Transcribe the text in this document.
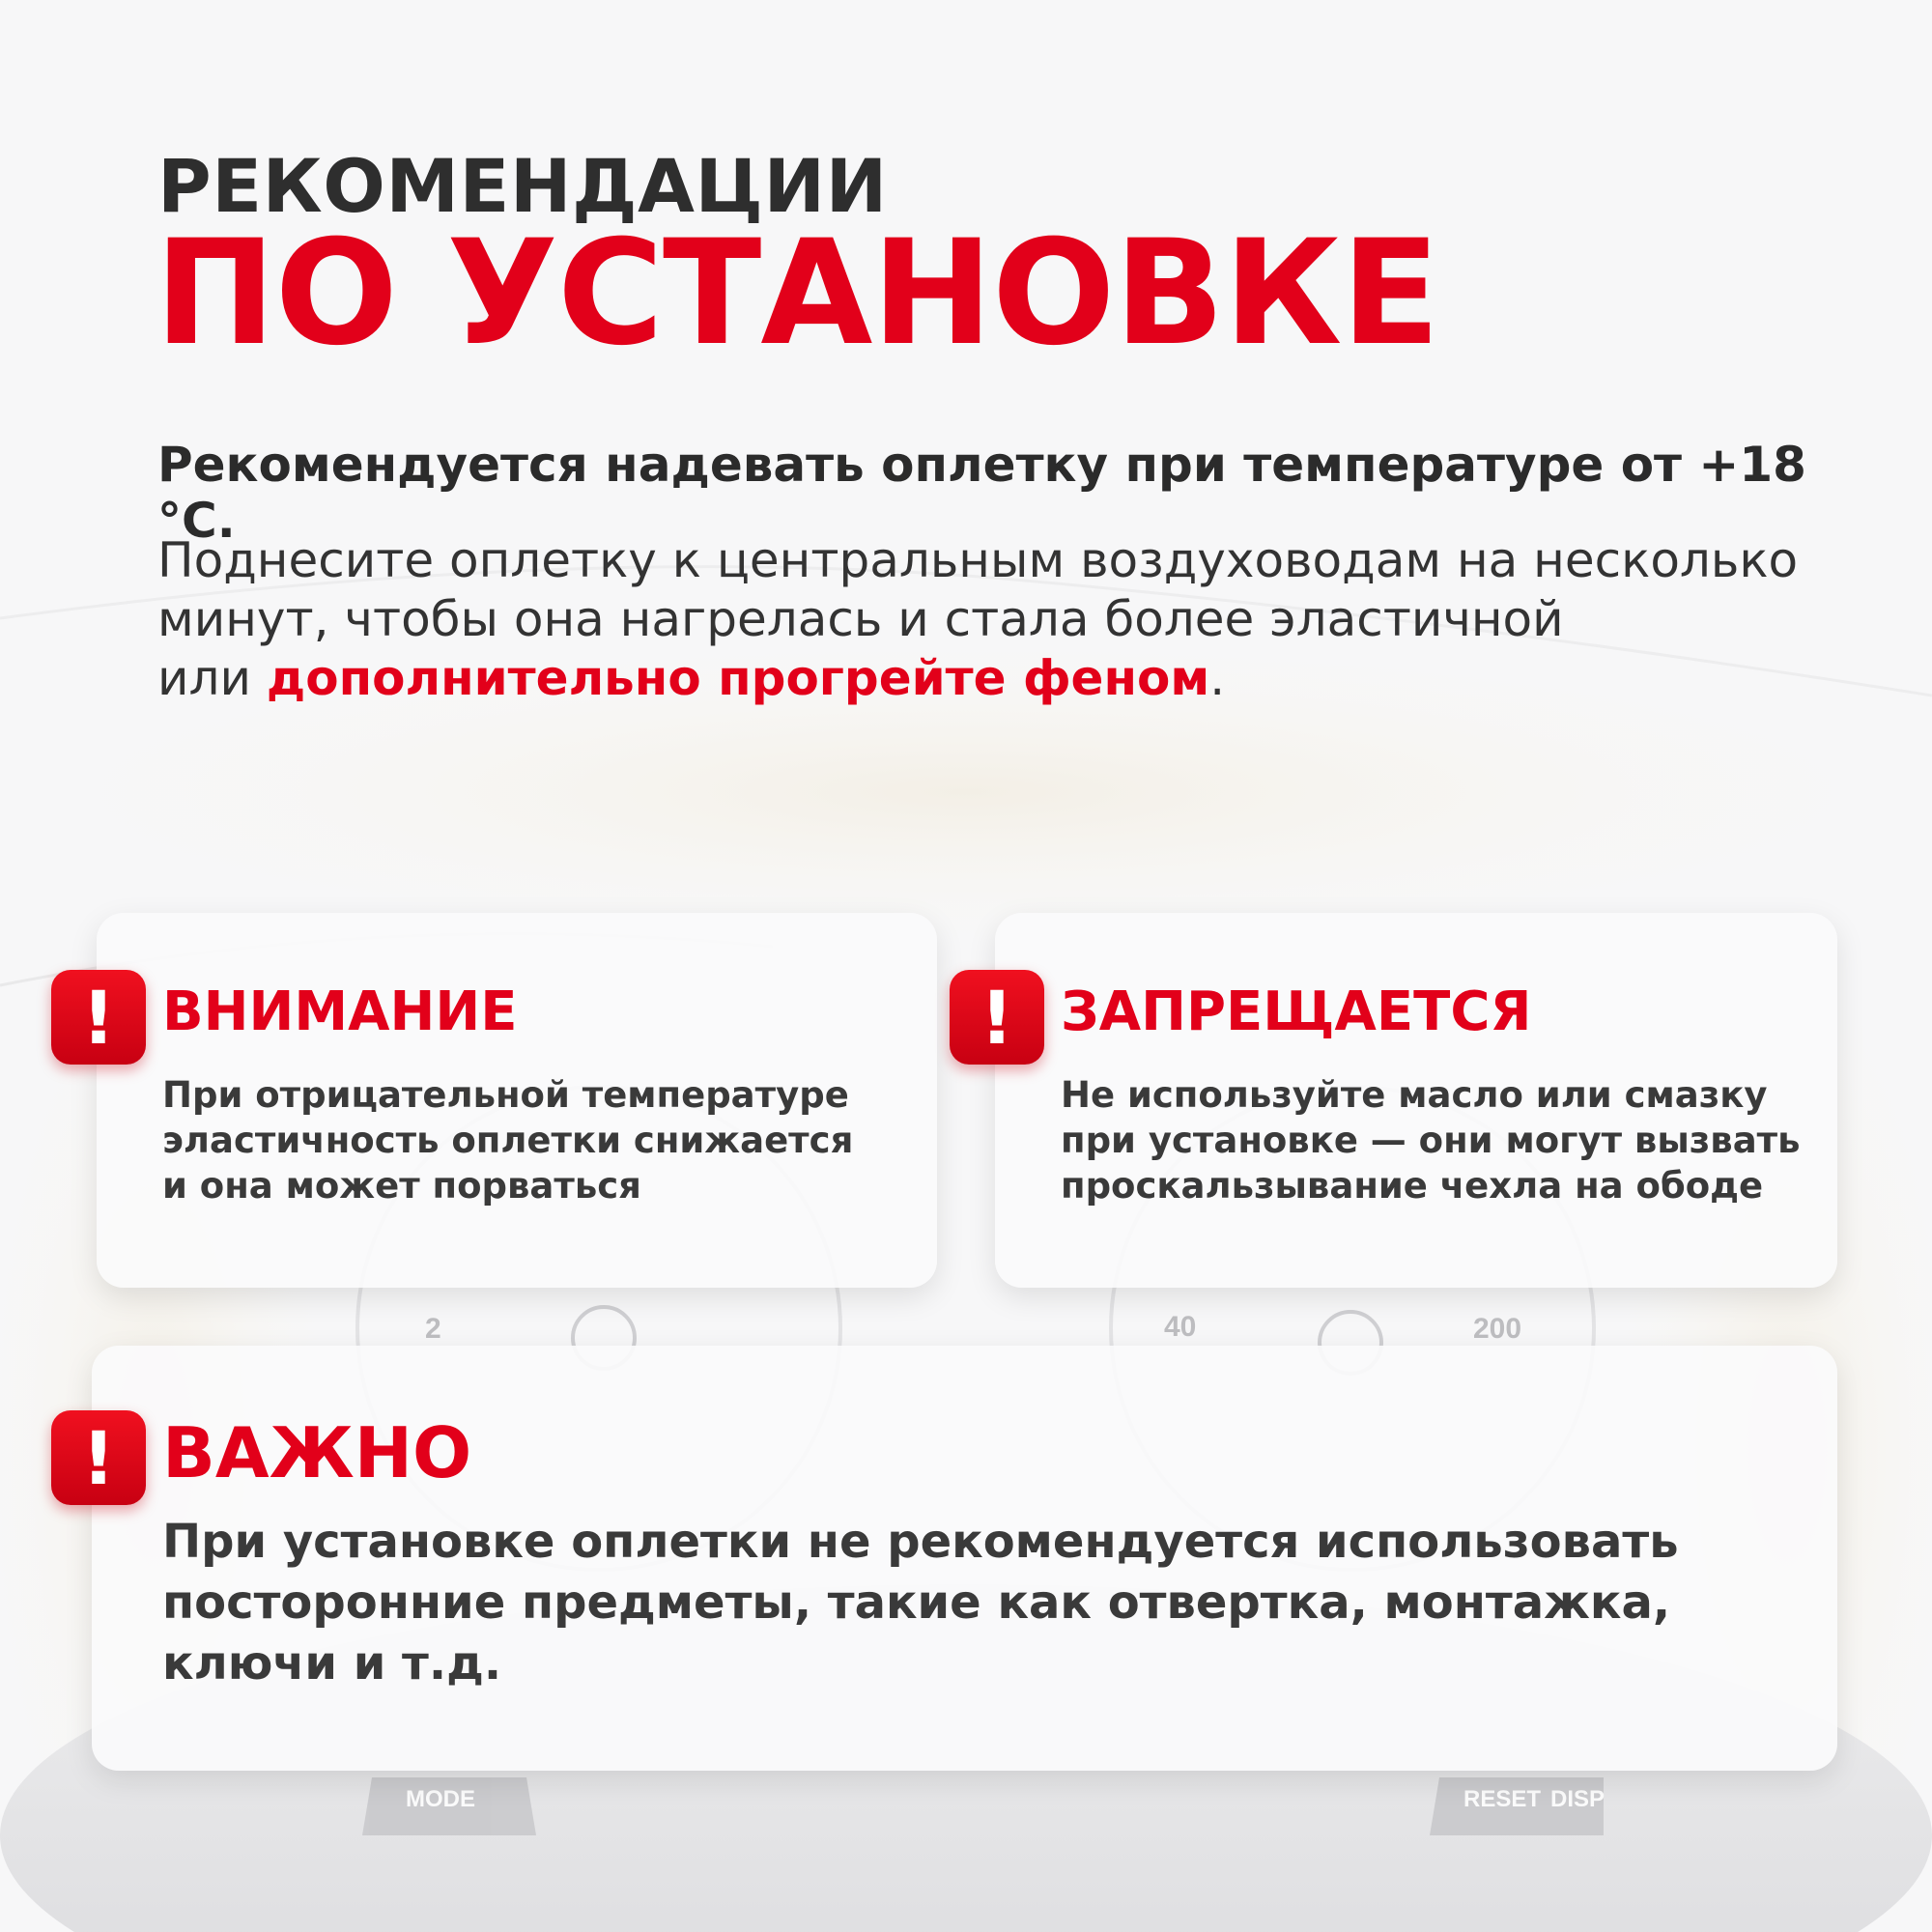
2	40	200
MODE	RESET DISP
РЕКОМЕНДАЦИИ
ПО УСТАНОВКЕ
Рекомендуется надевать оплетку при температуре от +18 °С.
Поднесите оплетку к центральным воздуховодам на несколько
минут, чтобы она нагрелась и стала более эластичной
или дополнительно прогрейте феном.
! ВНИМАНИЕ
При отрицательной температуре
эластичность оплетки снижается
и она может порваться
! ЗАПРЕЩАЕТСЯ
Не используйте масло или смазку
при установке — они могут вызвать
проскальзывание чехла на ободе
! ВАЖНО
При установке оплетки не рекомендуется использовать
посторонние предметы, такие как отвертка, монтажка,
ключи и т.д.
